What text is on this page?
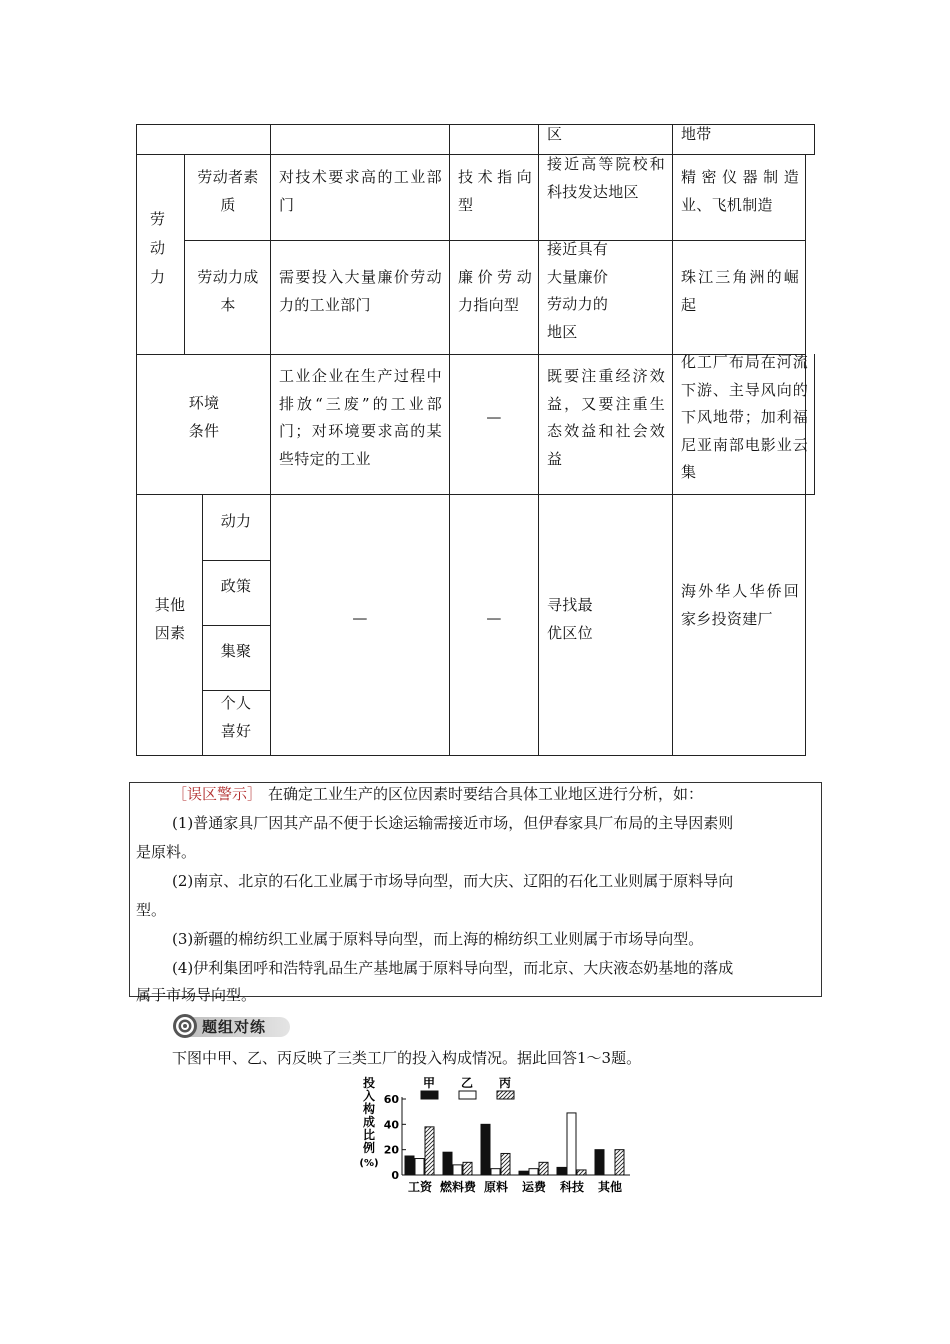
区	地带
劳动力
劳动者素质
对技术要求高的工业部门
技术指向型
接近高等院校和科技发达地区
精密仪器制造业、飞机制造
劳动力成本
需要投入大量廉价劳动力的工业部门
廉价劳动力指向型
接近具有
大量廉价
劳动力的
地区
珠江三角洲的崛起
环境
条件
工业企业在生产过程中排放“三废”的工业部门；对环境要求高的某些特定的工业
—
既要注重经济效益，又要注重生态效益和社会效益
化工厂布局在河流下游、主导风向的下风地带；加利福尼亚南部电影业云集
其他
因素
动力
政策
集聚
个人
喜好
—	—
寻找最
优区位
海外华人华侨回家乡投资建厂
［误区警示］ 在确定工业生产的区位因素时要结合具体工业地区进行分析，如：
(1)普通家具厂因其产品不便于长途运输需接近市场，但伊春家具厂布局的主导因素则
是原料。
(2)南京、北京的石化工业属于市场导向型，而大庆、辽阳的石化工业则属于原料导向
型。
(3)新疆的棉纺织工业属于原料导向型，而上海的棉纺织工业则属于市场导向型。
(4)伊利集团呼和浩特乳品生产基地属于原料导向型，而北京、大庆液态奶基地的落成
属于市场导向型。
题组对练
下图中甲、乙、丙反映了三类工厂的投入构成情况。据此回答1～3题。
投
入
构
成
比
例
(%)
60
40
20
0
甲 乙 丙
工资 燃料费 原料 运费 科技 其他
